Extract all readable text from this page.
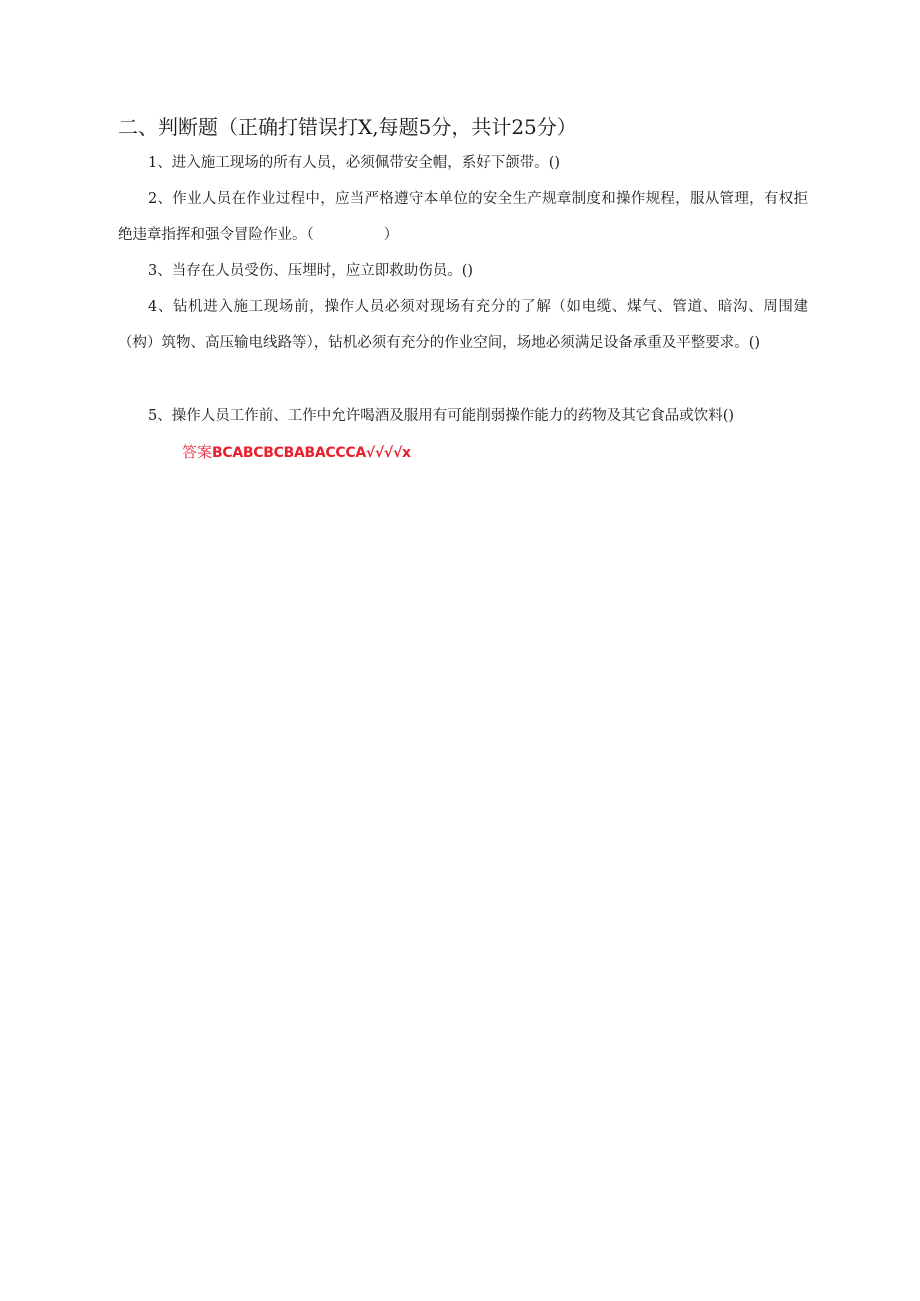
二、判断题（正确打错误打X,每题5分，共计25分）

1、进入施工现场的所有人员，必须佩带安全帽，系好下颌带。()

2、作业人员在作业过程中，应当严格遵守本单位的安全生产规章制度和操作规程，服从管理，有权拒绝违章指挥和强令冒险作业。（	）

3、当存在人员受伤、压埋时，应立即救助伤员。()

4、钻机进入施工现场前，操作人员必须对现场有充分的了解（如电缆、煤气、管道、暗沟、周围建（构）筑物、高压输电线路等），钻机必须有充分的作业空间，场地必须满足设备承重及平整要求。()

5、操作人员工作前、工作中允许喝酒及服用有可能削弱操作能力的药物及其它食品或饮料()

答案BCABCBCBABACCCA√√√√x
